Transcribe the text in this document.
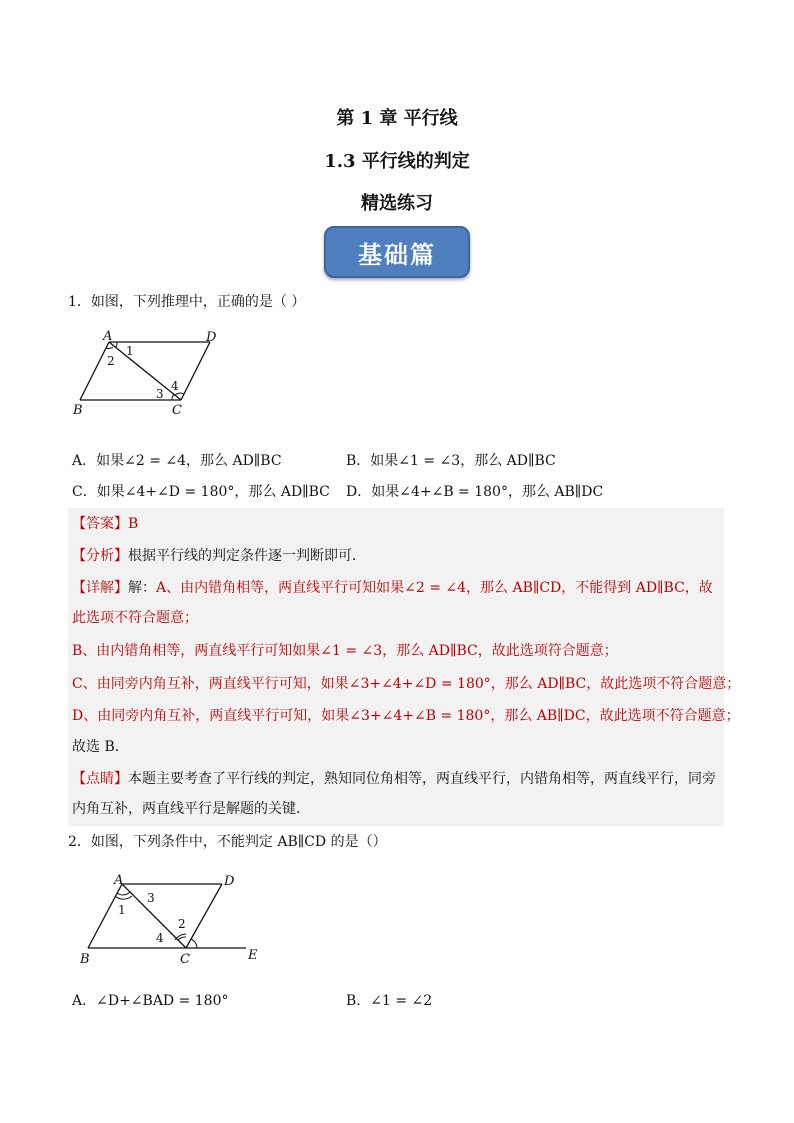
第 1 章 平行线
1.3 平行线的判定
精选练习
基础篇
1．如图，下列推理中，正确的是（ ）
A	D
B	C
1
2
3
4
A．如果∠2 = ∠4，那么 AD∥BC	B．如果∠1 = ∠3，那么 AD∥BC
C．如果∠4+∠D = 180°，那么 AD∥BC D．如果∠4+∠B = 180°，那么 AB∥DC
【答案】B
【分析】根据平行线的判定条件逐一判断即可．
【详解】解：A、由内错角相等，两直线平行可知如果∠2 = ∠4，那么 AB∥CD，不能得到 AD∥BC，故
此选项不符合题意；
B、由内错角相等，两直线平行可知如果∠1 = ∠3，那么 AD∥BC，故此选项符合题意；
C、由同旁内角互补，两直线平行可知，如果∠3+∠4+∠D = 180°，那么 AD∥BC，故此选项不符合题意；
D、由同旁内角互补，两直线平行可知，如果∠3+∠4+∠B = 180°，那么 AB∥DC，故此选项不符合题意；
故选 B．
【点睛】本题主要考查了平行线的判定，熟知同位角相等，两直线平行，内错角相等，两直线平行，同旁
内角互补，两直线平行是解题的关键．
2．如图，下列条件中，不能判定 AB∥CD 的是（）
A	D
B	C	E
1
3
2
4
A．∠D+∠BAD = 180°	B．∠1 = ∠2
